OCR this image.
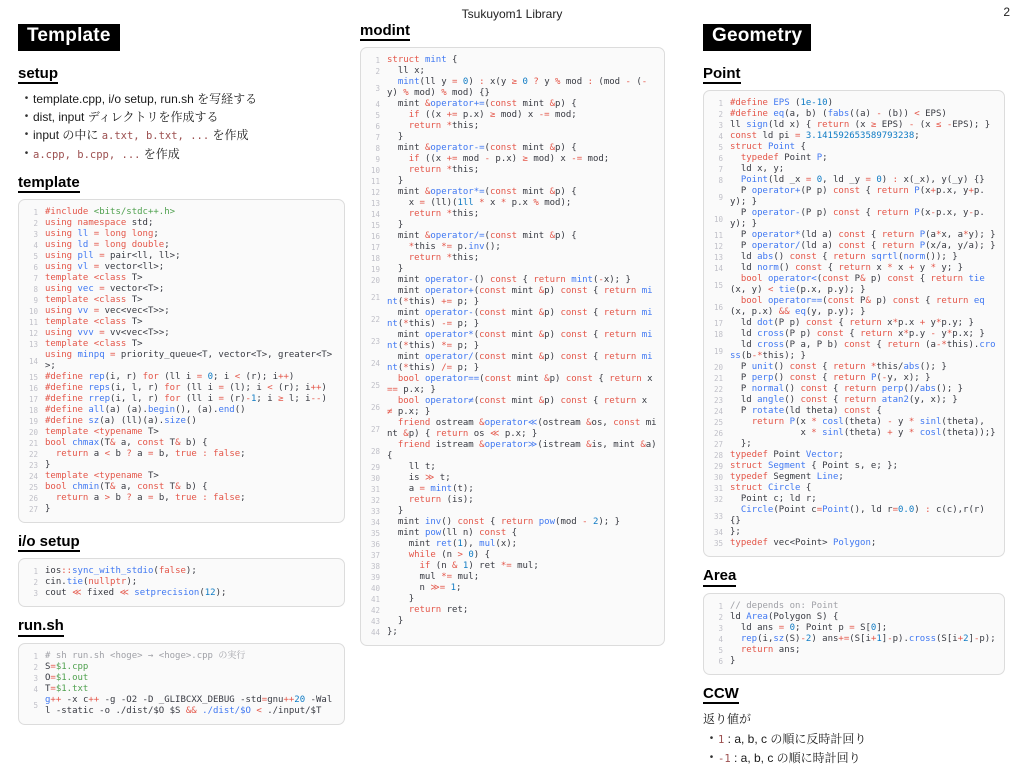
Tsukuyom1 Library	2
Template
setup
• template.cpp, i/o setup, run.sh を写経する
• dist, input ディレクトリを作成する
• input の中に a.txt, b.txt, ... を作成
• a.cpp, b.cpp, ... を作成
template
1 #include <bits/stdc++.h>
2 using namespace std;
3 using ll = long long;
4 using ld = long double;
5 using pll = pair<ll, ll>;
6 using vl = vector<ll>;
7 template <class T>
8 using vec = vector<T>;
9 template <class T>
10 using vv = vec<vec<T>>;
11 template <class T>
12 using vvv = vv<vec<T>>;
13 template <class T>
14
using minpq = priority_queue<T, vector<T>, greater<T>>;
15 #define rep(i, r) for (ll i = 0; i < (r); i++)
16 #define reps(i, l, r) for (ll i = (l); i < (r); i++)
17 #define rrep(i, l, r) for (ll i = (r)-1; i ≥ l; i--)
18 #define all(a) (a).begin(), (a).end()
19 #define sz(a) (ll)(a).size()
20 template <typename T>
21 bool chmax(T& a, const T& b) {
22	return a < b ? a = b, true : false;
23 }
24 template <typename T>
25 bool chmin(T& a, const T& b) {
26	return a > b ? a = b, true : false;
27 }
i/o setup
1 ios::sync_with_stdio(false);
2 cin.tie(nullptr);
3 cout ≪ fixed ≪ setprecision(12);
run.sh
1 # sh run.sh <hoge> → <hoge>.cpp の実行
2 S=$1.cpp
3 O=$1.out
4 T=$1.txt
5
g++ -x c++ -g -O2 -D _GLIBCXX_DEBUG -std=gnu++20 -Wall -static -o ./dist/$O $S && ./dist/$O < ./input/$T
modint
1 struct mint {
2 ll x;
3
mint(ll y = 0) : x(y ≥ 0 ? y % mod : (mod - (-y) % mod) % mod) {}
4 mint &operator+=(const mint &p) {
5	if ((x += p.x) ≥ mod) x -= mod;
6	return *this;
7 }
8 mint &operator-=(const mint &p) {
9	if ((x += mod - p.x) ≥ mod) x -= mod;
10	return *this;
11 }
12 mint &operator*=(const mint &p) {
13 x = (ll)(1ll * x * p.x % mod);
14	return *this;
15 }
16 mint &operator/=(const mint &p) {
17	*this *= p.inv();
18	return *this;
19 }
20 mint operator-() const { return mint(-x); }
21
mint operator+(const mint &p) const { return mint(*this) += p; }
22
mint operator-(const mint &p) const { return mint(*this) -= p; }
23
mint operator*(const mint &p) const { return mint(*this) *= p; }
24
mint operator/(const mint &p) const { return mint(*this) /= p; }
25
bool operator==(const mint &p) const { return x == p.x; }
26
bool operator≠(const mint &p) const { return x ≠ p.x; }
27
friend ostream &operator≪(ostream &os, const mint &p) { return os ≪ p.x; }
28
friend istream &operator≫(istream &is, mint &a) {
29 ll t;
30 is ≫ t;
31 a = mint(t);
32	return (is);
33 }
34 mint inv() const { return pow(mod - 2); }
35 mint pow(ll n) const {
36 mint ret(1), mul(x);
37	while (n > 0) {
38	if (n & 1) ret *= mul;
39 mul *= mul;
40 n ≫= 1;
41 }
42	return ret;
43 }
44 };
Geometry
Point
1 #define EPS (1e-10)
2 #define eq(a, b) (fabs((a) - (b)) < EPS)
3 ll sign(ld x) { return (x ≥ EPS) - (x ≤ -EPS); }
4 const ld pi = 3.141592653589793238;
5 struct Point {
6	typedef Point P;
7 ld x, y;
8	Point(ld _x = 0, ld _y = 0) : x(_x), y(_y) {}
9
P operator+(P p) const { return P(x+p.x, y+p.y); }
10
P operator-(P p) const { return P(x-p.x, y-p.y); }
11 P operator*(ld a) const { return P(a*x, a*y); }
12 P operator/(ld a) const { return P(x/a, y/a); }
13 ld abs() const { return sqrtl(norm()); }
14 ld norm() const { return x * x + y * y; }
15
bool operator<(const P& p) const { return tie(x, y) < tie(p.x, p.y); }
16
bool operator==(const P& p) const { return eq(x, p.x) && eq(y, p.y); }
17 ld dot(P p) const { return x*p.x + y*p.y; }
18 ld cross(P p) const { return x*p.y - y*p.x; }
19
ld cross(P a, P b) const { return (a-*this).cross(b-*this); }
20 P unit() const { return *this/abs(); }
21 P perp() const { return P(-y, x); }
22 P normal() const { return perp()/abs(); }
23 ld angle() const { return atan2(y, x); }
24 P rotate(ld theta) const {
25	return P(x * cosl(theta) - y * sinl(theta),
26 x * sinl(theta) + y * cosl(theta));}
27 };
28 typedef Point Vector;
29 struct Segment { Point s, e; };
30 typedef Segment Line;
31 struct Circle {
32 Point c; ld r;
33
Circle(Point c=Point(), ld r=0.0) : c(c),r(r) {}
34 };
35 typedef vec<Point> Polygon;
Area
1 // depends on: Point
2 ld Area(Polygon S) {
3 ld ans = 0; Point p = S[0];
4	rep(i,sz(S)-2) ans+=(S[i+1]-p).cross(S[i+2]-p);
5	return ans;
6 }
CCW
返り値が
• 1 : a, b, c の順に反時計回り
• -1 : a, b, c の順に時計回り
